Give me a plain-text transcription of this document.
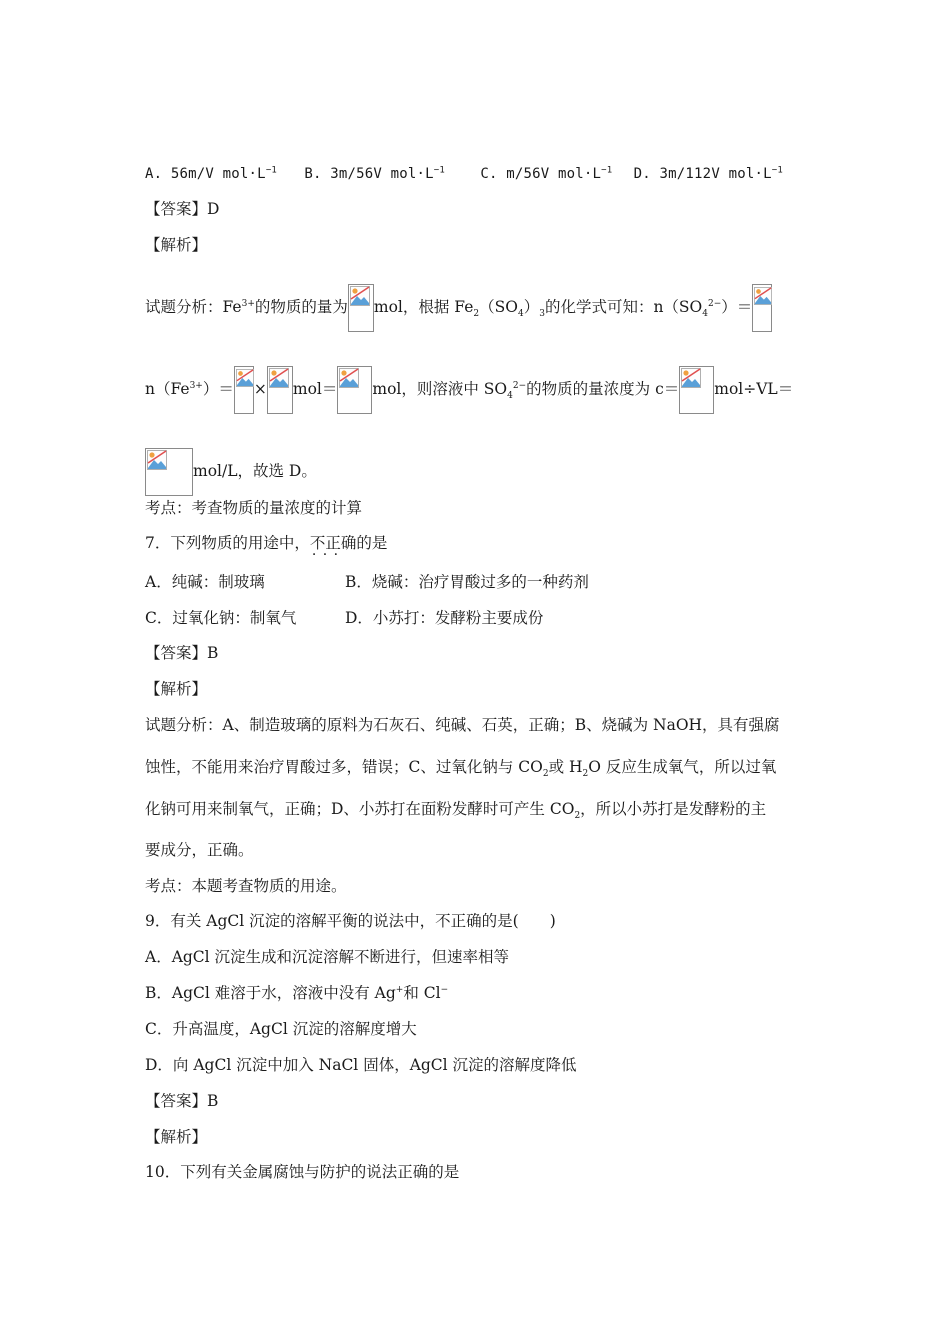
A. 56m/V $mol\cdot L^{-1}$ B. 3m/56V $mol\cdot L^{-1}$	C. m/56V $mol\cdot L^{-1}$ D. 3m/112V $mol\cdot L^{-1}$
【答案】D
【解析】
试题分析：$Fe^{3+}$的物质的量为 mol，根据 $Fe_2(SO_4)_3$的化学式可知：$n(SO_4^{2-})=$
$n(Fe^{3+})= \times mol=$ mol，则溶液中 $SO_4^{2-}$的物质的量浓度为 c＝ mol÷VL＝
mol/L，故选 D。
考点：考查物质的量浓度的计算
7．下列物质的用途中，不正确 · · ·的是
A．纯碱：制玻璃	B．烧碱：治疗胃酸过多的一种药剂
C．过氧化钠：制氧气	D．小苏打：发酵粉主要成份
【答案】B
【解析】
试题分析：A、制造玻璃的原料为石灰石、纯碱、石英，正确；B、烧碱为 NaOH，具有强腐
蚀性，不能用来治疗胃酸过多，错误；C、过氧化钠与 $CO_2$或 $H_2O$ 反应生成氧气，所以过氧
化钠可用来制氧气，正确；D、小苏打在面粉发酵时可产生 $CO_2$，所以小苏打是发酵粉的主
要成分，正确。
考点：本题考查物质的用途。
9．有关 AgCl 沉淀的溶解平衡的说法中，不正确的是(　　)
A．AgCl 沉淀生成和沉淀溶解不断进行，但速率相等
B．AgCl 难溶于水，溶液中没有 Ag+和 Cl−
C．升高温度，AgCl 沉淀的溶解度增大
D．向 AgCl 沉淀中加入 NaCl 固体，AgCl 沉淀的溶解度降低
【答案】B
【解析】
10．下列有关金属腐蚀与防护的说法正确的是
